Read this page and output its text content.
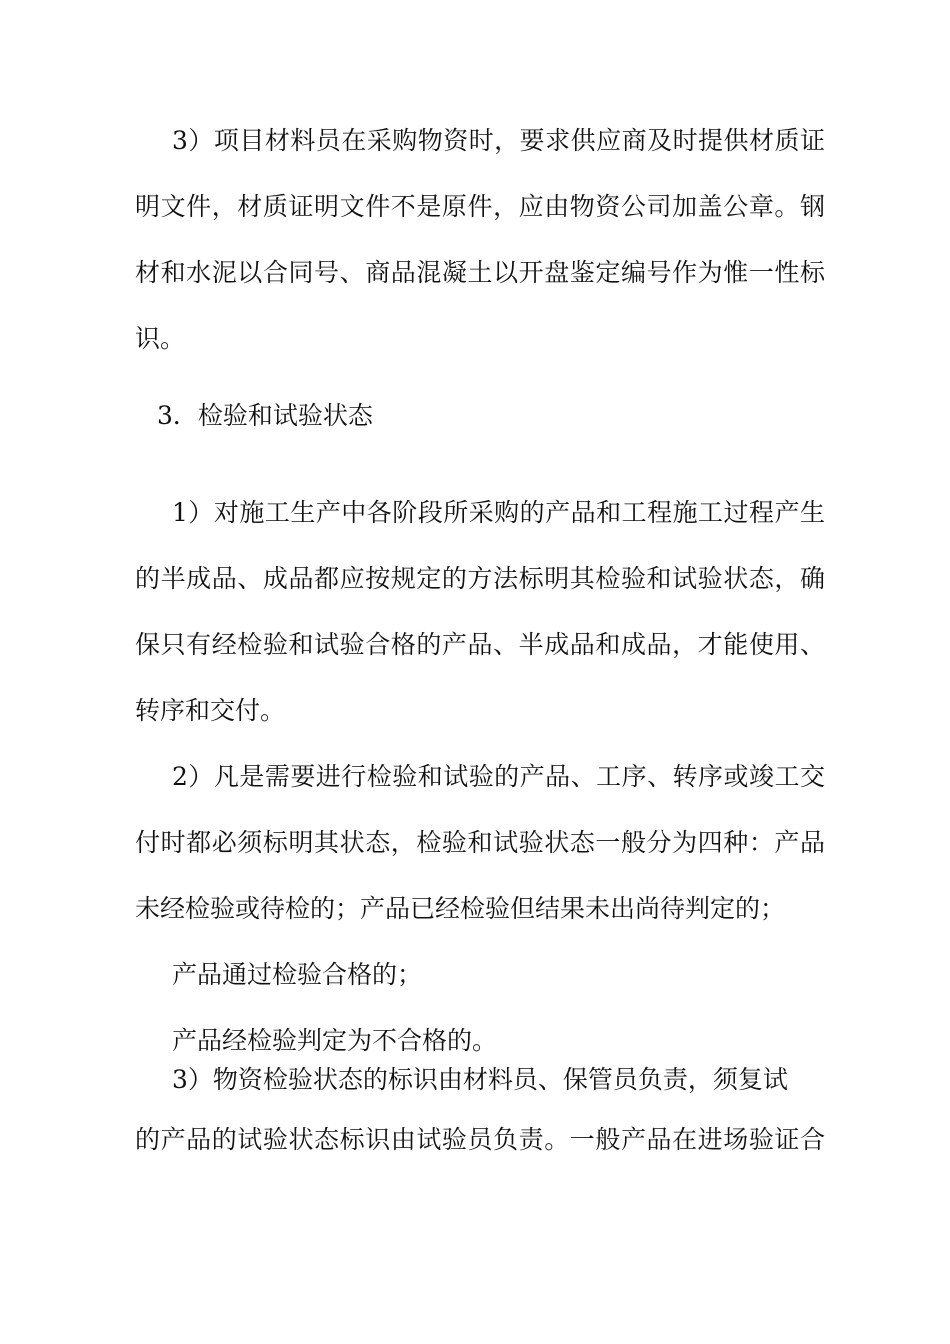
3）项目材料员在采购物资时，要求供应商及时提供材质证
明文件，材质证明文件不是原件，应由物资公司加盖公章。钢
材和水泥以合同号、商品混凝土以开盘鉴定编号作为惟一性标
识。
3．检验和试验状态
1）对施工生产中各阶段所采购的产品和工程施工过程产生
的半成品、成品都应按规定的方法标明其检验和试验状态，确
保只有经检验和试验合格的产品、半成品和成品，才能使用、
转序和交付。
2）凡是需要进行检验和试验的产品、工序、转序或竣工交
付时都必须标明其状态，检验和试验状态一般分为四种：产品
未经检验或待检的；产品已经检验但结果未出尚待判定的；
产品通过检验合格的；
产品经检验判定为不合格的。
3）物资检验状态的标识由材料员、保管员负责，须复试
的产品的试验状态标识由试验员负责。一般产品在进场验证合
